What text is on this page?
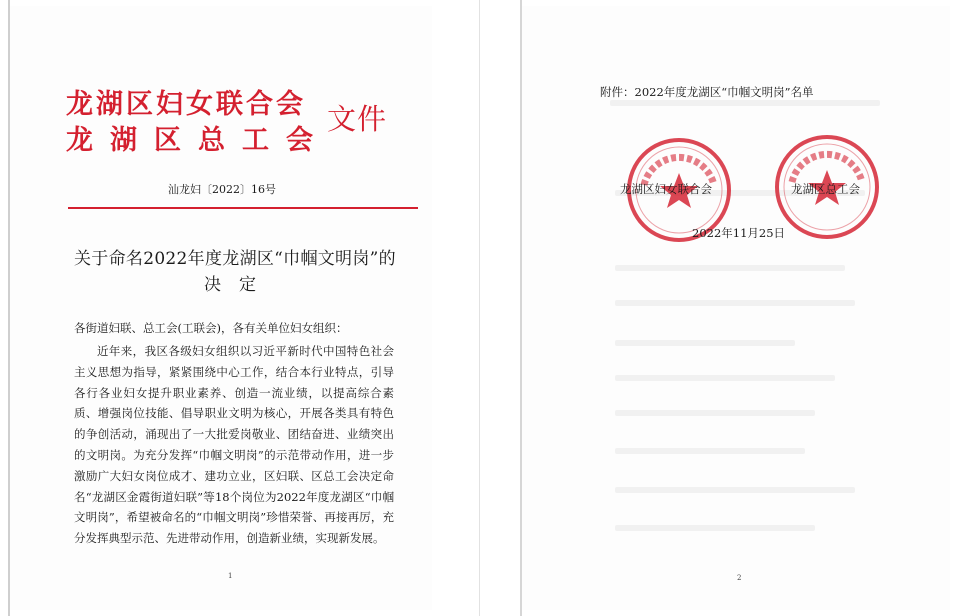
龙湖区妇女联合会
龙湖区总工会
文件
汕龙妇〔2022〕16号
关于命名2022年度龙湖区“巾帼文明岗”的
决定
各街道妇联、总工会(工联会)，各有关单位妇女组织：
近年来，我区各级妇女组织以习近平新时代中国特色社会主义思想为指导，紧紧围绕中心工作，结合本行业特点，引导各行各业妇女提升职业素养、创造一流业绩，以提高综合素质、增强岗位技能、倡导职业文明为核心，开展各类具有特色的争创活动，涌现出了一大批爱岗敬业、团结奋进、业绩突出的文明岗。为充分发挥“巾帼文明岗”的示范带动作用，进一步激励广大妇女岗位成才、建功立业，区妇联、区总工会决定命名“龙湖区金霞街道妇联”等18个岗位为2022年度龙湖区“巾帼文明岗”，希望被命名的“巾帼文明岗”珍惜荣誉、再接再厉，充分发挥典型示范、先进带动作用，创造新业绩，实现新发展。
1
附件：2022年度龙湖区“巾帼文明岗”名单
龙湖区妇女联合会	龙湖区总工会
2022年11月25日
2
